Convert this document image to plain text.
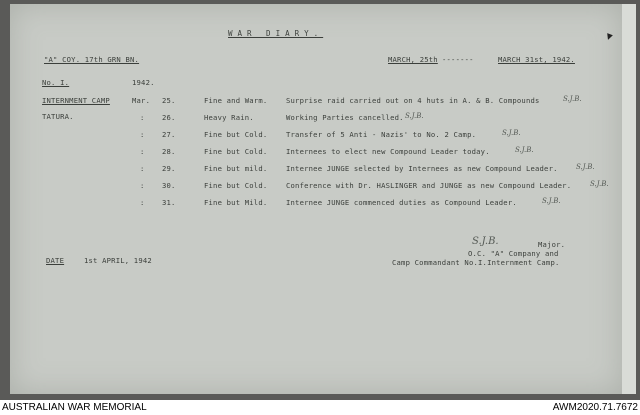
WAR DIARY.
"A" COY. 17th GRN BN.	MARCH, 25th -------	MARCH 31st, 1942.
No. I.	1942.
INTERNMENT CAMP
TATURA.
Mar. 25.	Fine and Warm.	Surprise raid carried out on 4 huts in A. & B. Compounds	S.J.B.
: 26.	Heavy Rain.	Working Parties cancelled. S.J.B.
: 27.	Fine but Cold.	Transfer of 5 Anti - Nazis' to No. 2 Camp.	S.J.B.
: 28.	Fine but Cold.	Internees to elect new Compound Leader today.	S.J.B.
: 29.	Fine but mild.	Internee JUNGE selected by Internees as new Compound Leader.	S.J.B.
: 30.	Fine but Cold.	Conference with Dr. HASLINGER and JUNGE as new Compound Leader.	S.J.B.
: 31.	Fine but Mild.	Internee JUNGE commenced duties as Compound Leader.	S.J.B.
DATE	1st APRIL, 1942
S.J.B.	Major.
O.C. "A" Company and
Camp Commandant No.I.Internment Camp.
AUSTRALIAN WAR MEMORIAL	AWM2020.71.7672
